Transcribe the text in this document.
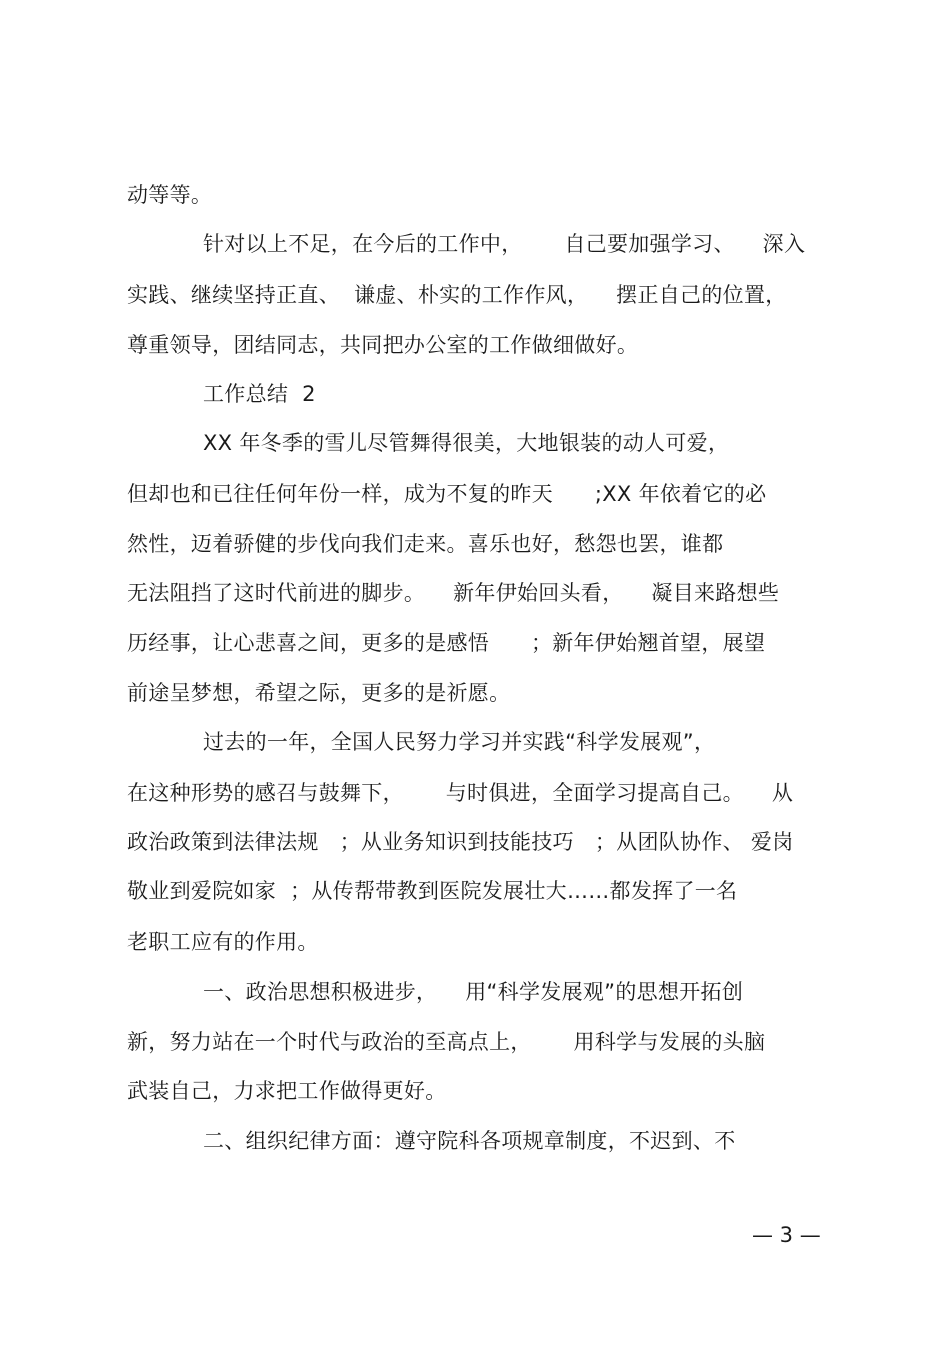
动等等。
针对以上不足，在今后的工作中，      自己要加强学习、    深入
实践、继续坚持正直、  谦虚、朴实的工作作风，    摆正自己的位置，
尊重领导，团结同志，共同把办公室的工作做细做好。
工作总结  2
XX 年冬季的雪儿尽管舞得很美，大地银装的动人可爱，
但却也和已往任何年份一样，成为不复的昨天      ;XX 年依着它的必
然性，迈着骄健的步伐向我们走来。喜乐也好，愁怨也罢，谁都
无法阻挡了这时代前进的脚步。    新年伊始回头看，    凝目来路想些
历经事，让心悲喜之间，更多的是感悟      ；新年伊始翘首望，展望
前途呈梦想，希望之际，更多的是祈愿。
过去的一年，全国人民努力学习并实践“科学发展观”，
在这种形势的感召与鼓舞下，      与时俱进，全面学习提高自己。    从
政治政策到法律法规   ；从业务知识到技能技巧   ；从团队协作、 爱岗
敬业到爱院如家  ；从传帮带教到医院发展壮大……都发挥了一名
老职工应有的作用。
一、政治思想积极进步，    用“科学发展观”的思想开拓创
新，努力站在一个时代与政治的至高点上，      用科学与发展的头脑
武装自己，力求把工作做得更好。
二、组织纪律方面：遵守院科各项规章制度，不迟到、不
— 3 —
